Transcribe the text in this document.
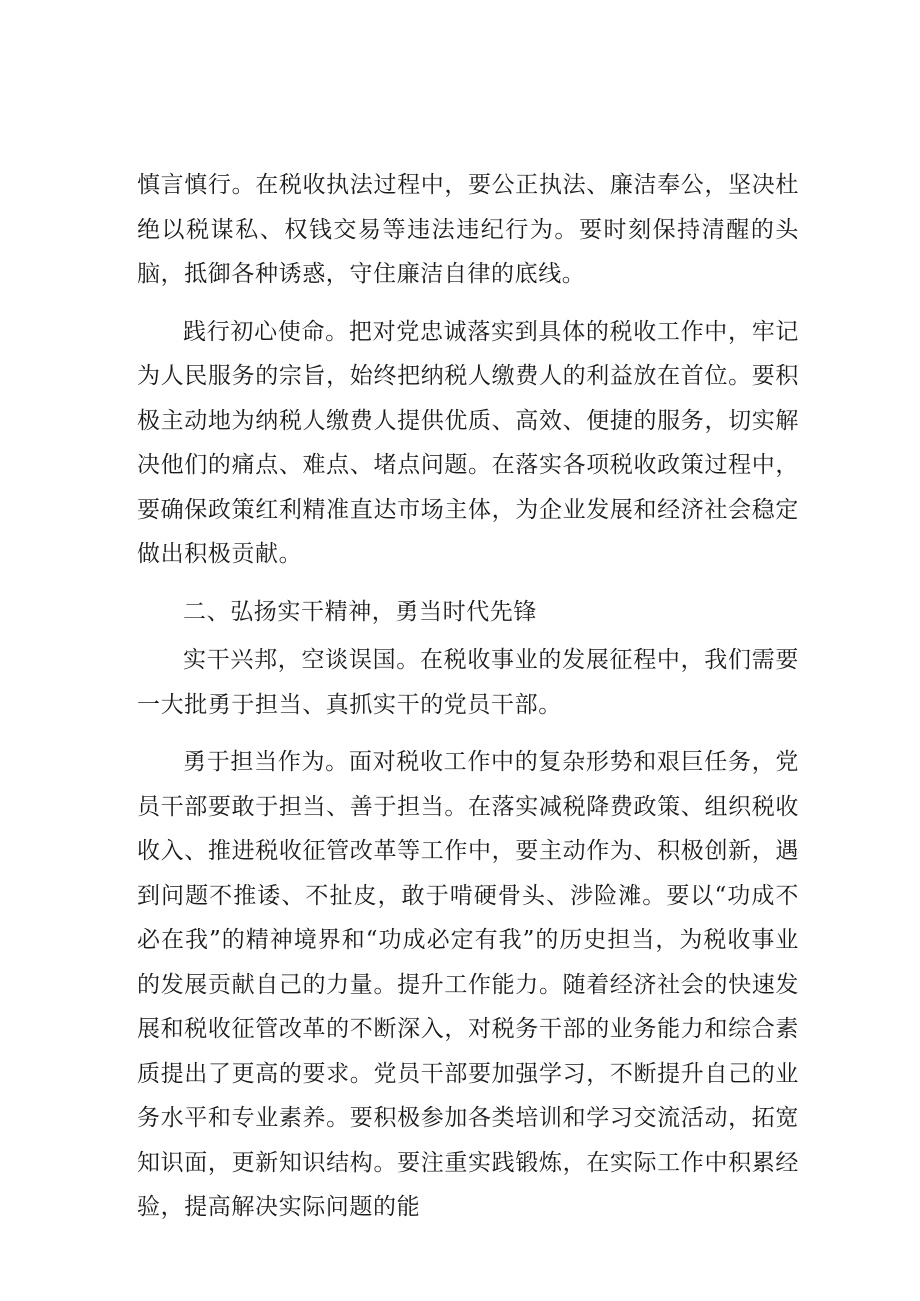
慎言慎行。在税收执法过程中，要公正执法、廉洁奉公，坚决杜绝以税谋私、权钱交易等违法违纪行为。要时刻保持清醒的头脑，抵御各种诱惑，守住廉洁自律的底线。

践行初心使命。把对党忠诚落实到具体的税收工作中，牢记为人民服务的宗旨，始终把纳税人缴费人的利益放在首位。要积极主动地为纳税人缴费人提供优质、高效、便捷的服务，切实解决他们的痛点、难点、堵点问题。在落实各项税收政策过程中，要确保政策红利精准直达市场主体，为企业发展和经济社会稳定做出积极贡献。

二、弘扬实干精神，勇当时代先锋

实干兴邦，空谈误国。在税收事业的发展征程中，我们需要一大批勇于担当、真抓实干的党员干部。

勇于担当作为。面对税收工作中的复杂形势和艰巨任务，党员干部要敢于担当、善于担当。在落实减税降费政策、组织税收收入、推进税收征管改革等工作中，要主动作为、积极创新，遇到问题不推诿、不扯皮，敢于啃硬骨头、涉险滩。要以“功成不必在我”的精神境界和“功成必定有我”的历史担当，为税收事业的发展贡献自己的力量。提升工作能力。随着经济社会的快速发展和税收征管改革的不断深入，对税务干部的业务能力和综合素质提出了更高的要求。党员干部要加强学习，不断提升自己的业务水平和专业素养。要积极参加各类培训和学习交流活动，拓宽知识面，更新知识结构。要注重实践锻炼，在实际工作中积累经验，提高解决实际问题的能
